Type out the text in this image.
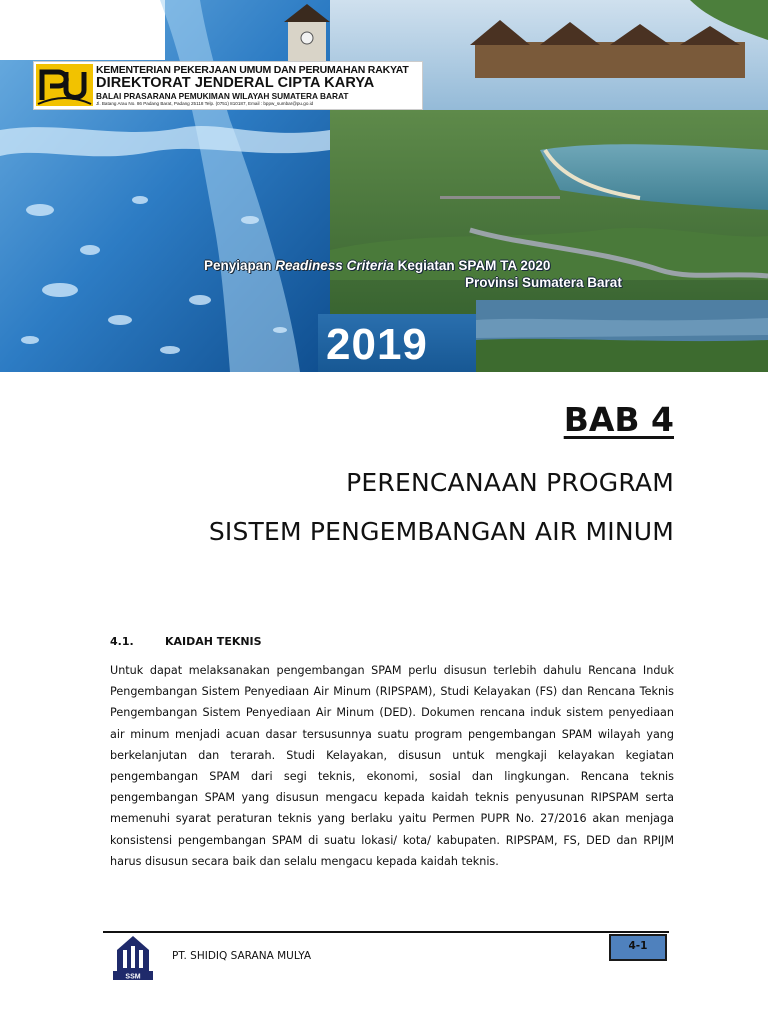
KEMENTERIAN PEKERJAAN UMUM DAN PERUMAHAN RAKYAT
DIREKTORAT JENDERAL CIPTA KARYA
BALAI PRASARANA PEMUKIMAN WILAYAH SUMATERA BARAT
Jl. Batang Arau No. 86 Padang Barat, Padang 25118 Telp. (0751) 810187, Email : bppw_sumbar@pu.go.id
Penyiapan Readiness Criteria Kegiatan SPAM TA 2020
Provinsi Sumatera Barat
2019
BAB 4
PERENCANAAN PROGRAM
SISTEM PENGEMBANGAN AIR MINUM
4.1.	KAIDAH TEKNIS
Untuk dapat melaksanakan pengembangan SPAM perlu disusun terlebih dahulu Rencana Induk Pengembangan Sistem Penyediaan Air Minum (RIPSPAM), Studi Kelayakan (FS) dan Rencana Teknis Pengembangan Sistem Penyediaan Air Minum (DED). Dokumen rencana induk sistem penyediaan air minum menjadi acuan dasar tersusunnya suatu program pengembangan SPAM wilayah yang berkelanjutan dan terarah. Studi Kelayakan, disusun untuk mengkaji kelayakan kegiatan pengembangan SPAM dari segi teknis, ekonomi, sosial dan lingkungan. Rencana teknis pengembangan SPAM yang disusun mengacu kepada kaidah teknis penyusunan RIPSPAM serta memenuhi syarat peraturan teknis yang berlaku yaitu Permen PUPR No. 27/2016 akan menjaga konsistensi pengembangan SPAM di suatu lokasi/ kota/ kabupaten. RIPSPAM, FS, DED dan RPIJM harus disusun secara baik dan selalu mengacu kepada kaidah teknis.
SSM
PT. SHIDIQ SARANA MULYA
4-1
